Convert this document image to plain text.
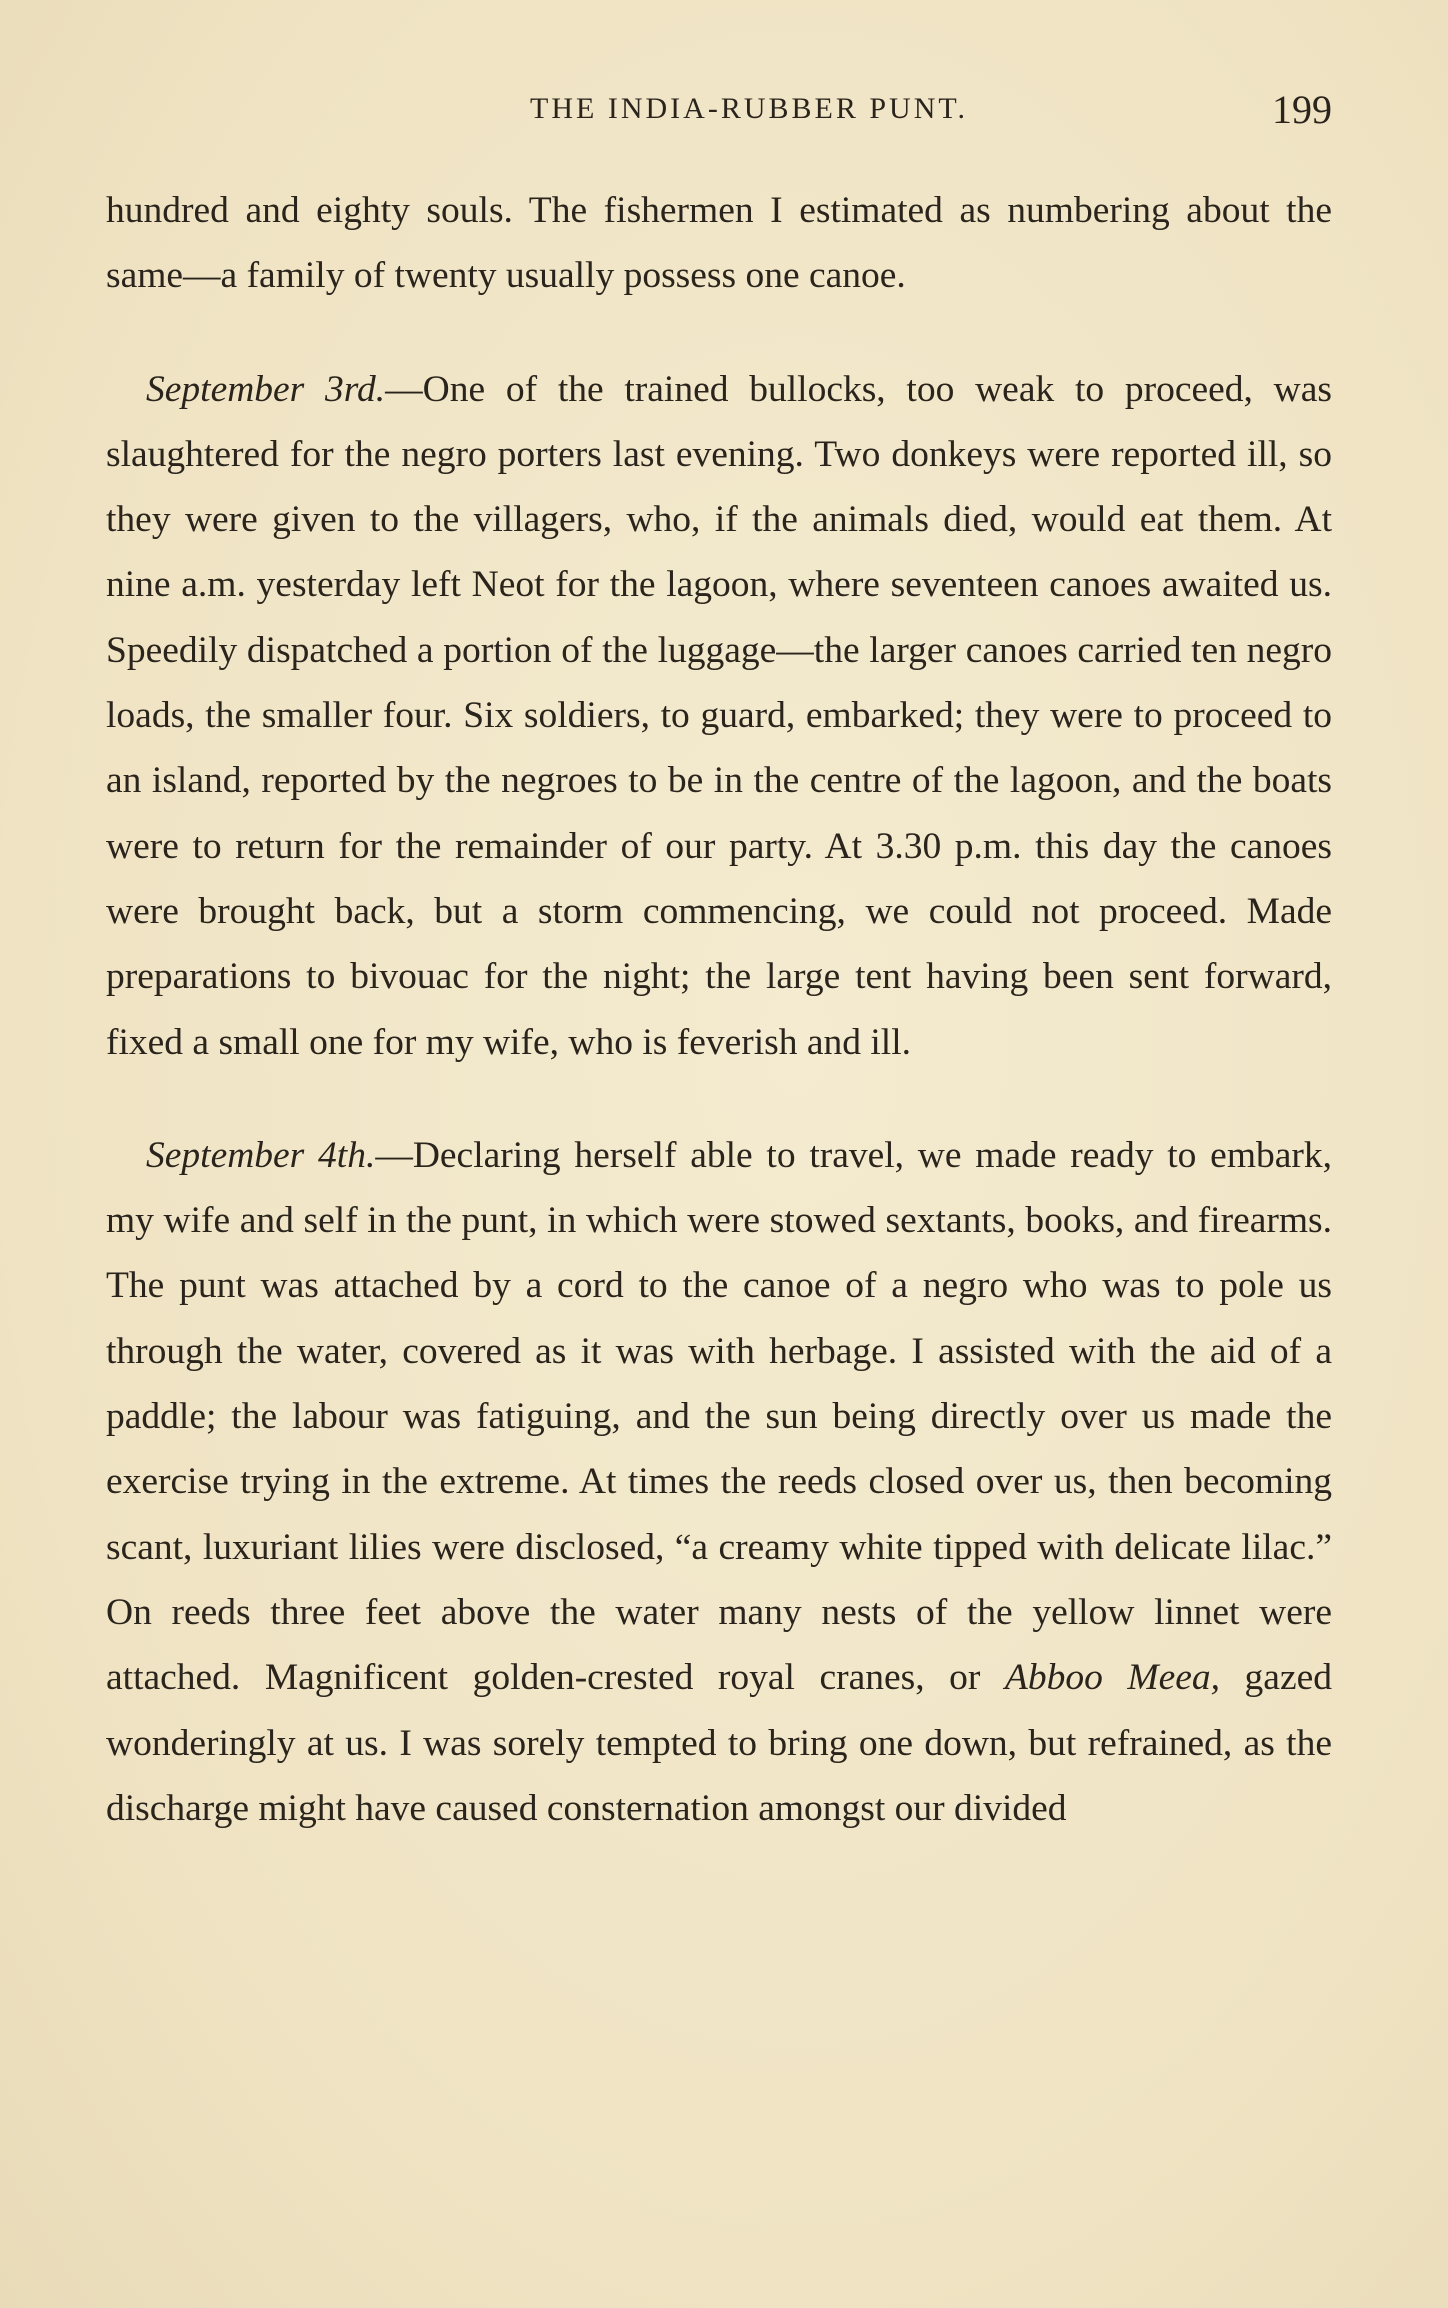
THE INDIA-RUBBER PUNT.	199

hundred and eighty souls. The fishermen I estimated as numbering about the same—a family of twenty usually possess one canoe.

September 3rd.—One of the trained bullocks, too weak to proceed, was slaughtered for the negro porters last evening. Two donkeys were reported ill, so they were given to the villagers, who, if the animals died, would eat them. At nine a.m. yesterday left Neot for the lagoon, where seventeen canoes awaited us. Speedily dispatched a portion of the luggage—the larger canoes carried ten negro loads, the smaller four. Six soldiers, to guard, embarked; they were to proceed to an island, reported by the negroes to be in the centre of the lagoon, and the boats were to return for the remainder of our party. At 3.30 p.m. this day the canoes were brought back, but a storm commencing, we could not proceed. Made preparations to bivouac for the night; the large tent having been sent forward, fixed a small one for my wife, who is feverish and ill.

September 4th.—Declaring herself able to travel, we made ready to embark, my wife and self in the punt, in which were stowed sextants, books, and firearms. The punt was attached by a cord to the canoe of a negro who was to pole us through the water, covered as it was with herbage. I assisted with the aid of a paddle; the labour was fatiguing, and the sun being directly over us made the exercise trying in the extreme. At times the reeds closed over us, then becoming scant, luxuriant lilies were disclosed, “a creamy white tipped with delicate lilac.” On reeds three feet above the water many nests of the yellow linnet were attached. Magnificent golden-crested royal cranes, or Abboo Meea, gazed wonderingly at us. I was sorely tempted to bring one down, but refrained, as the discharge might have caused consternation amongst our divided
